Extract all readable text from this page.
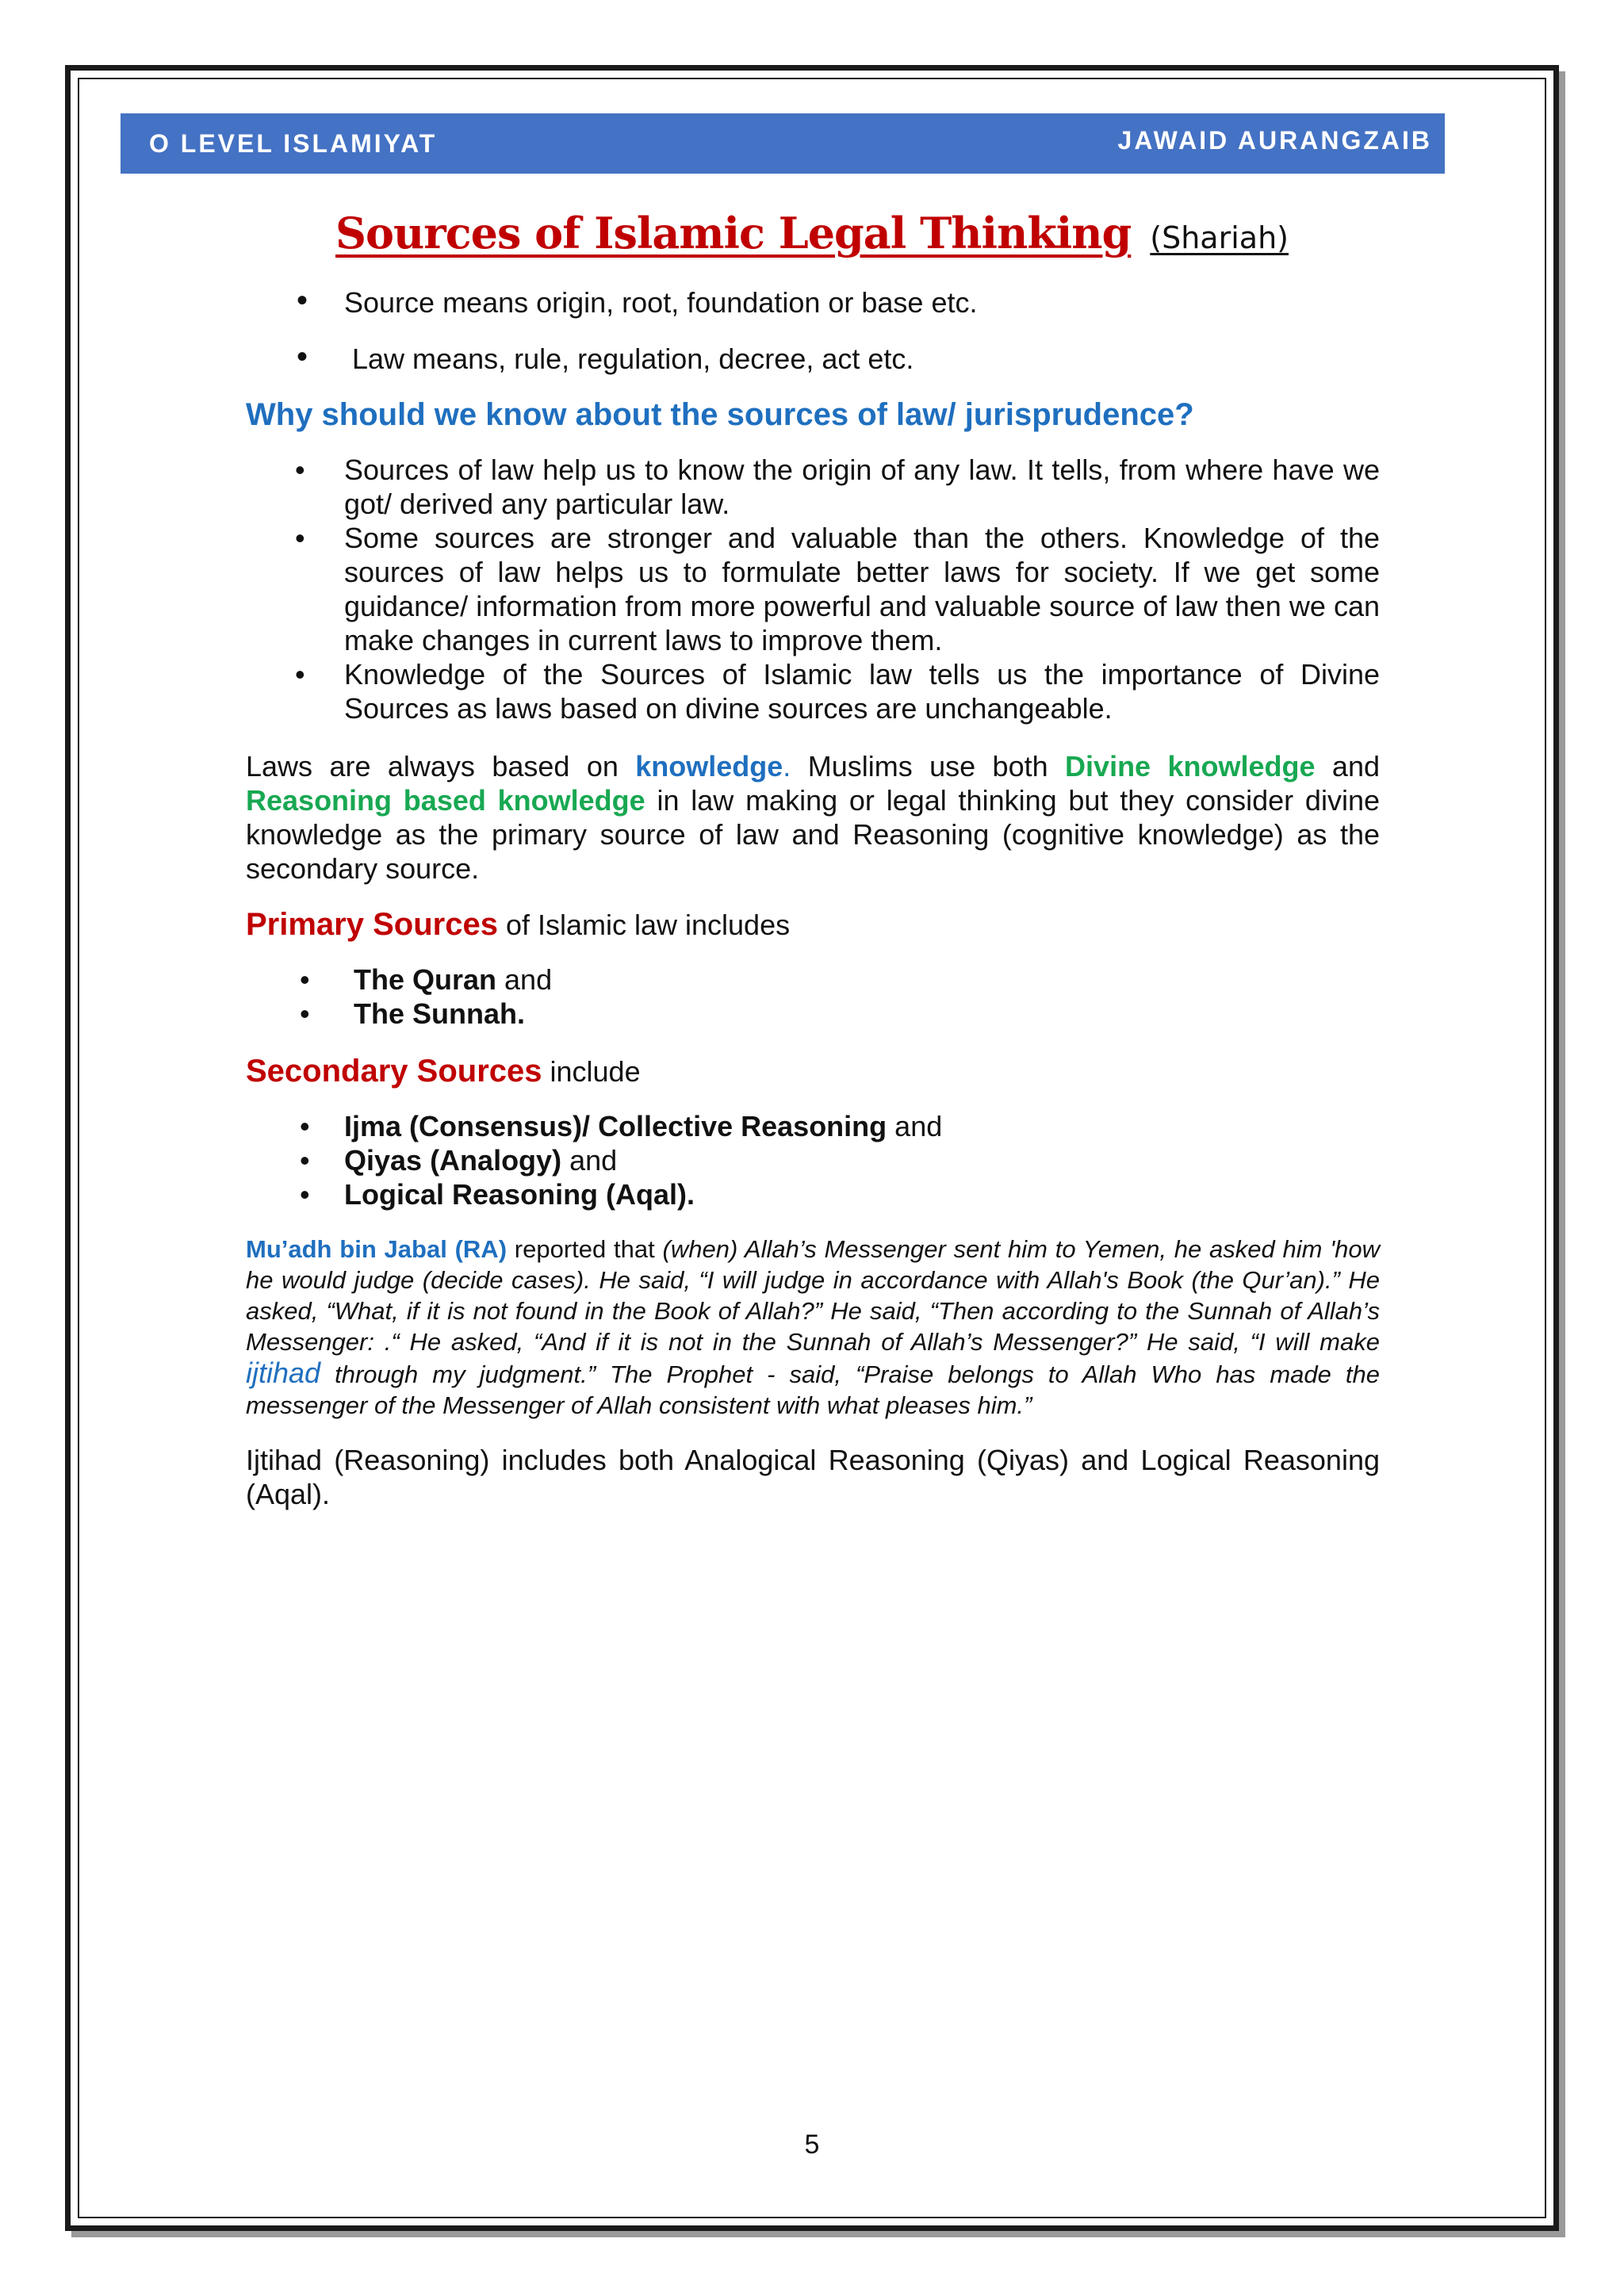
O LEVEL ISLAMIYAT	JAWAID AURANGZAIB
Sources of Islamic Legal Thinking (Shariah)
• Source means origin, root, foundation or base etc.
• Law means, rule, regulation, decree, act etc.
Why should we know about the sources of law/ jurisprudence?
• Sources of law help us to know the origin of any law. It tells, from where have we got/ derived any particular law.
• Some sources are stronger and valuable than the others. Knowledge of the sources of law helps us to formulate better laws for society. If we get some guidance/ information from more powerful and valuable source of law then we can make changes in current laws to improve them.
• Knowledge of the Sources of Islamic law tells us the importance of Divine Sources as laws based on divine sources are unchangeable.

Laws are always based on knowledge. Muslims use both Divine knowledge and Reasoning based knowledge in law making or legal thinking but they consider divine knowledge as the primary source of law and Reasoning (cognitive knowledge) as the secondary source.

Primary Sources of Islamic law includes
• The Quran and
• The Sunnah.
Secondary Sources include
• Ijma (Consensus)/ Collective Reasoning and
• Qiyas (Analogy) and
• Logical Reasoning (Aqal).

Mu’adh bin Jabal (RA) reported that (when) Allah’s Messenger sent him to Yemen, he asked him 'how he would judge (decide cases). He said, “I will judge in accordance with Allah's Book (the Qur’an).” He asked, “What, if it is not found in the Book of Allah?” He said, “Then according to the Sunnah of Allah’s Messenger: .“ He asked, “And if it is not in the Sunnah of Allah’s Messenger?” He said, “I will make ijtihad through my judgment.” The Prophet - said, “Praise belongs to Allah Who has made the messenger of the Messenger of Allah consistent with what pleases him.”

Ijtihad (Reasoning) includes both Analogical Reasoning (Qiyas) and Logical Reasoning (Aqal).

5
